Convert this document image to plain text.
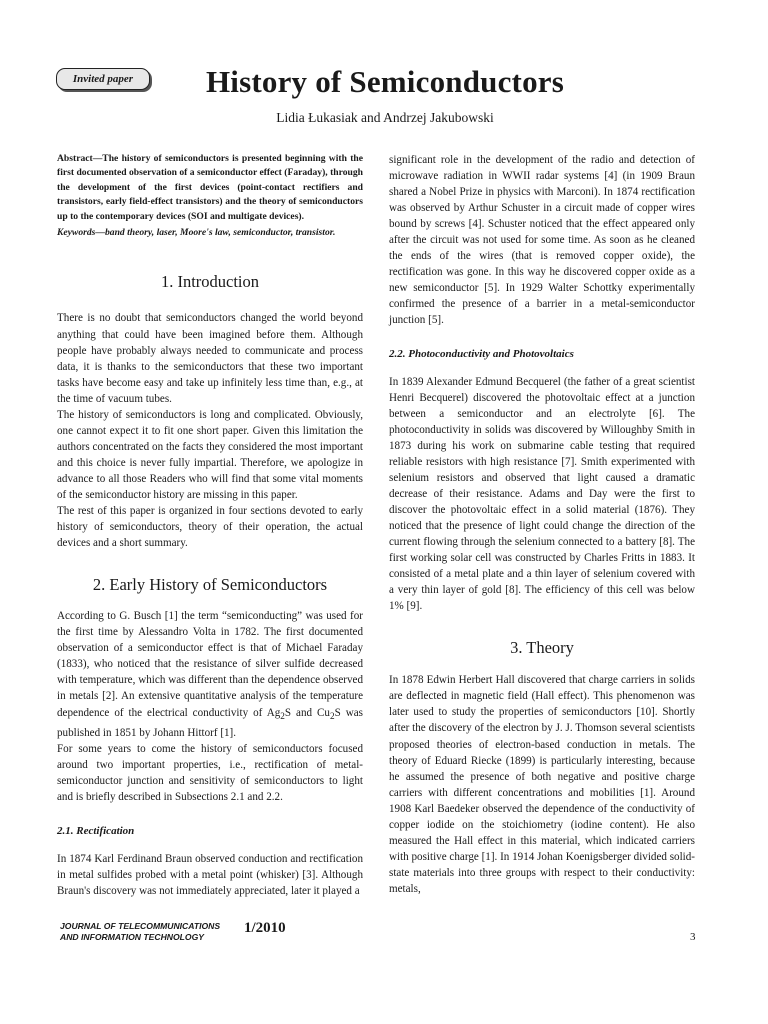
Invited paper	History of Semiconductors
Lidia Łukasiak and Andrzej Jakubowski

Abstract—The history of semiconductors is presented beginning with the first documented observation of a semiconductor effect (Faraday), through the development of the first devices (point-contact rectifiers and transistors, early field-effect transistors) and the theory of semiconductors up to the contemporary devices (SOI and multigate devices).

Keywords—band theory, laser, Moore's law, semiconductor, transistor.

1. Introduction

There is no doubt that semiconductors changed the world beyond anything that could have been imagined before them. Although people have probably always needed to communicate and process data, it is thanks to the semiconductors that these two important tasks have become easy and take up infinitely less time than, e.g., at the time of vacuum tubes.

The history of semiconductors is long and complicated. Obviously, one cannot expect it to fit one short paper. Given this limitation the authors concentrated on the facts they considered the most important and this choice is never fully impartial. Therefore, we apologize in advance to all those Readers who will find that some vital moments of the semiconductor history are missing in this paper.

The rest of this paper is organized in four sections devoted to early history of semiconductors, theory of their operation, the actual devices and a short summary.

2. Early History of Semiconductors

According to G. Busch [1] the term “semiconducting” was used for the first time by Alessandro Volta in 1782. The first documented observation of a semiconductor effect is that of Michael Faraday (1833), who noticed that the resistance of silver sulfide decreased with temperature, which was different than the dependence observed in metals [2]. An extensive quantitative analysis of the temperature dependence of the electrical conductivity of $Ag_2S$ and $Cu_2S$ was published in 1851 by Johann Hittorf [1].

For some years to come the history of semiconductors focused around two important properties, i.e., rectification of metal-semiconductor junction and sensitivity of semiconductors to light and is briefly described in Subsections 2.1 and 2.2.

2.1. Rectification

In 1874 Karl Ferdinand Braun observed conduction and rectification in metal sulfides probed with a metal point (whisker) [3]. Although Braun's discovery was not immediately appreciated, later it played a

significant role in the development of the radio and detection of microwave radiation in WWII radar systems [4] (in 1909 Braun shared a Nobel Prize in physics with Marconi). In 1874 rectification was observed by Arthur Schuster in a circuit made of copper wires bound by screws [4]. Schuster noticed that the effect appeared only after the circuit was not used for some time. As soon as he cleaned the ends of the wires (that is removed copper oxide), the rectification was gone. In this way he discovered copper oxide as a new semiconductor [5]. In 1929 Walter Schottky experimentally confirmed the presence of a barrier in a metal-semiconductor junction [5].

2.2. Photoconductivity and Photovoltaics

In 1839 Alexander Edmund Becquerel (the father of a great scientist Henri Becquerel) discovered the photovoltaic effect at a junction between a semiconductor and an electrolyte [6]. The photoconductivity in solids was discovered by Willoughby Smith in 1873 during his work on submarine cable testing that required reliable resistors with high resistance [7]. Smith experimented with selenium resistors and observed that light caused a dramatic decrease of their resistance. Adams and Day were the first to discover the photovoltaic effect in a solid material (1876). They noticed that the presence of light could change the direction of the current flowing through the selenium connected to a battery [8]. The first working solar cell was constructed by Charles Fritts in 1883. It consisted of a metal plate and a thin layer of selenium covered with a very thin layer of gold [8]. The efficiency of this cell was below 1% [9].

3. Theory

In 1878 Edwin Herbert Hall discovered that charge carriers in solids are deflected in magnetic field (Hall effect). This phenomenon was later used to study the properties of semiconductors [10]. Shortly after the discovery of the electron by J. J. Thomson several scientists proposed theories of electron-based conduction in metals. The theory of Eduard Riecke (1899) is particularly interesting, because he assumed the presence of both negative and positive charge carriers with different concentrations and mobilities [1]. Around 1908 Karl Baedeker observed the dependence of the conductivity of copper iodide on the stoichiometry (iodine content). He also measured the Hall effect in this material, which indicated carriers with positive charge [1]. In 1914 Johan Koenigsberger divided solid-state materials into three groups with respect to their conductivity: metals,

JOURNAL OF TELECOMMUNICATIONS
AND INFORMATION TECHNOLOGY
1/2010
3
